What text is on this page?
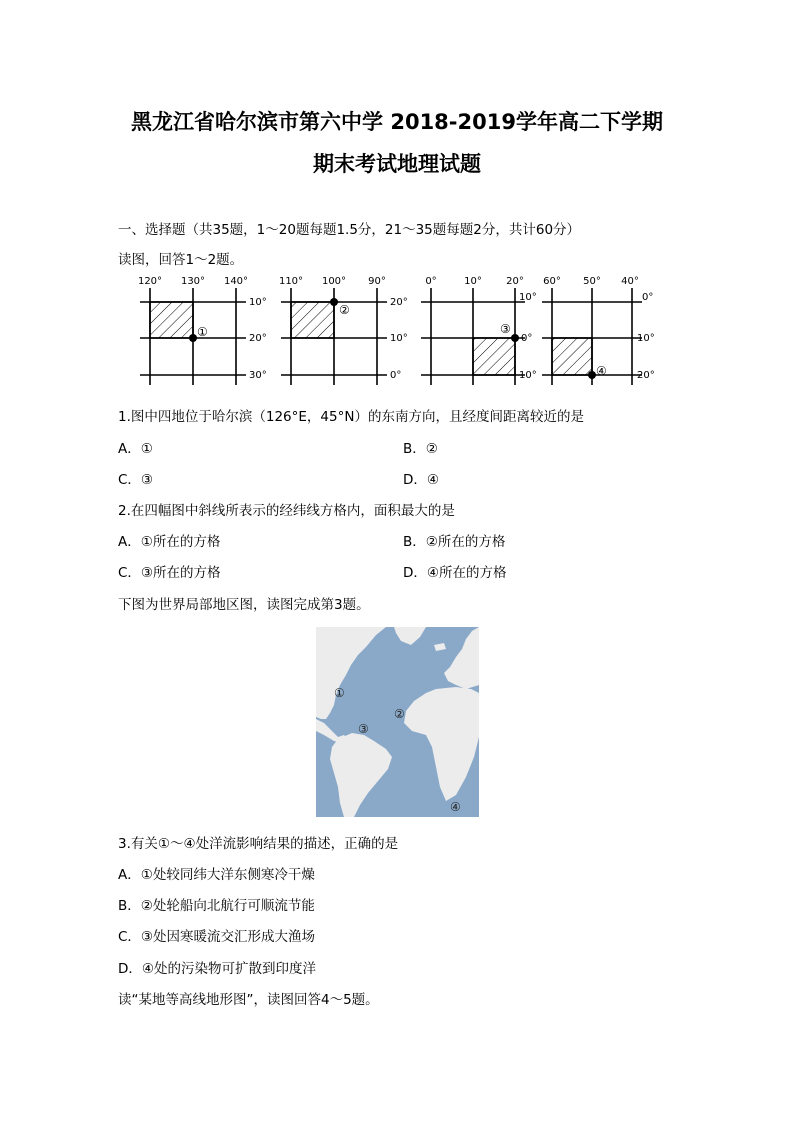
黑龙江省哈尔滨市第六中学 2018-2019学年高二下学期
期末考试地理试题
一、选择题（共35题，1～20题每题1.5分，21～35题每题2分，共计60分）
读图，回答1～2题。
120° 130° 140°
10°
20°
30°
①
110° 100° 90°
20°
10°
0°
②
0°	10° 20°
10°
0°
10°
③
60° 50° 40°
0°
10°
20°
④
1.图中四地位于哈尔滨（126°E，45°N）的东南方向，且经度间距离较近的是
A．①	B．②
C．③	D．④
2.在四幅图中斜线所表示的经纬线方格内，面积最大的是
A．①所在的方格	B．②所在的方格
C．③所在的方格	D．④所在的方格
下图为世界局部地区图，读图完成第3题。
①
②
③
④
3.有关①～④处洋流影响结果的描述，正确的是
A．①处较同纬大洋东侧寒冷干燥
B．②处轮船向北航行可顺流节能
C．③处因寒暖流交汇形成大渔场
D．④处的污染物可扩散到印度洋
读“某地等高线地形图”，读图回答4～5题。
